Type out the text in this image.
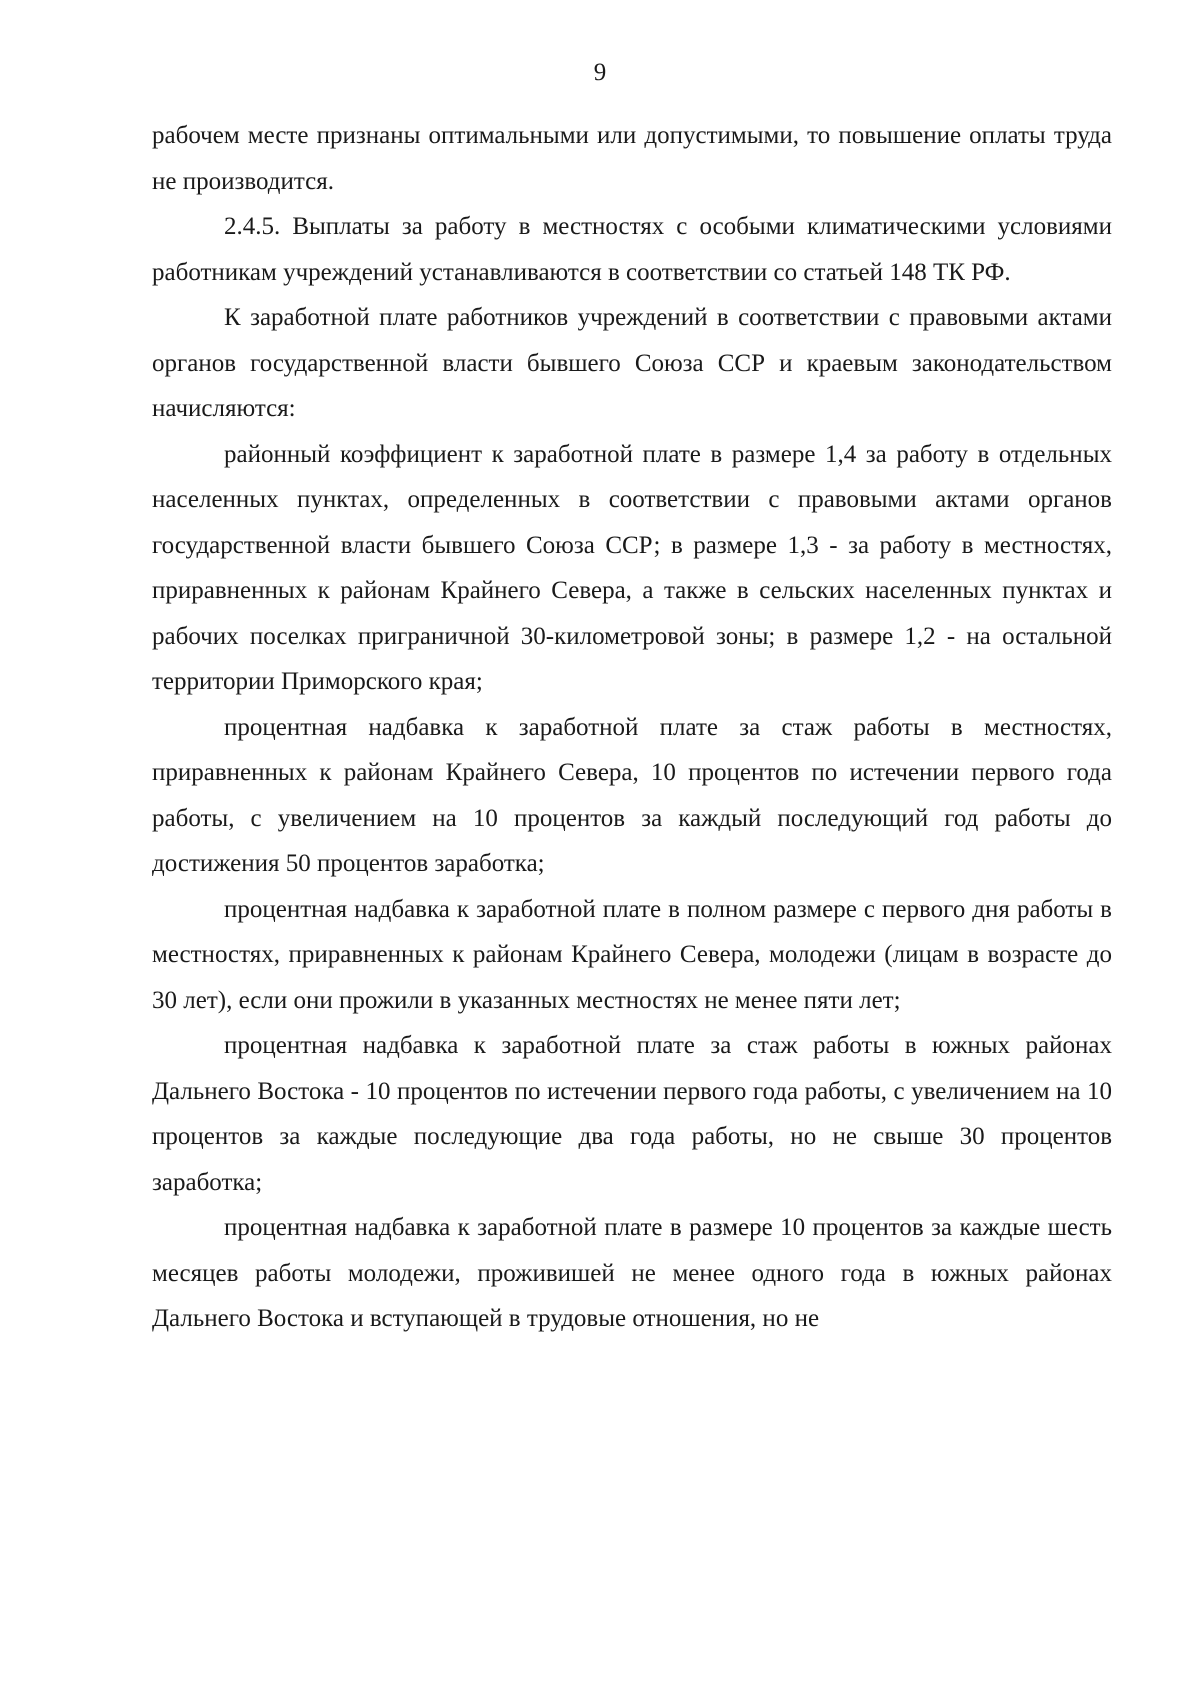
9

рабочем месте признаны оптимальными или допустимыми, то повышение оплаты труда не производится.

2.4.5. Выплаты за работу в местностях с особыми климатическими условиями работникам учреждений устанавливаются в соответствии со статьей 148 ТК РФ.

К заработной плате работников учреждений в соответствии с правовыми актами органов государственной власти бывшего Союза ССР и краевым законодательством начисляются:

районный коэффициент к заработной плате в размере 1,4 за работу в отдельных населенных пунктах, определенных в соответствии с правовыми актами органов государственной власти бывшего Союза ССР; в размере 1,3 - за работу в местностях, приравненных к районам Крайнего Севера, а также в сельских населенных пунктах и рабочих поселках приграничной 30-километровой зоны; в размере 1,2 - на остальной территории Приморского края;

процентная надбавка к заработной плате за стаж работы в местностях, приравненных к районам Крайнего Севера, 10 процентов по истечении первого года работы, с увеличением на 10 процентов за каждый последующий год работы до достижения 50 процентов заработка;

процентная надбавка к заработной плате в полном размере с первого дня работы в местностях, приравненных к районам Крайнего Севера, молодежи (лицам в возрасте до 30 лет), если они прожили в указанных местностях не менее пяти лет;

процентная надбавка к заработной плате за стаж работы в южных районах Дальнего Востока - 10 процентов по истечении первого года работы, с увеличением на 10 процентов за каждые последующие два года работы, но не свыше 30 процентов заработка;

процентная надбавка к заработной плате в размере 10 процентов за каждые шесть месяцев работы молодежи, проживишей не менее одного года в южных районах Дальнего Востока и вступающей в трудовые отношения, но не
